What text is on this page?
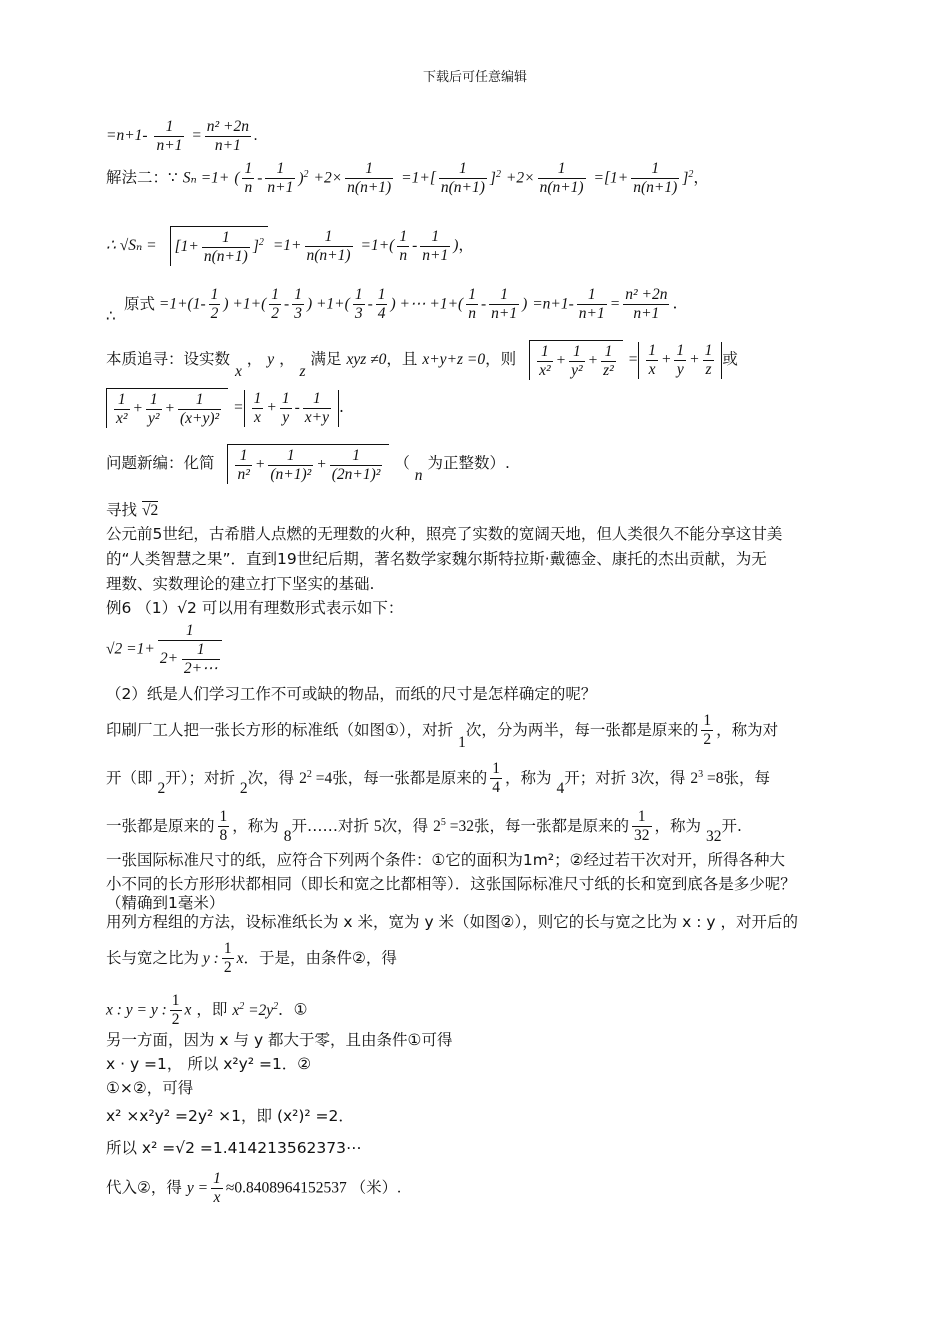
下载后可任意编辑
$=n+1- \frac{1}{n+1} = \frac{\text{n² +2n}}{n+1}$ .
解法二：∵ Sₙ =1+ ( $\frac{1}{n} - \frac{1}{n+1} )^2 +2\times \frac{1}{n(n+1)} =1+[ \frac{1}{n(n+1)} ]^2 +2\times \frac{1}{n(n+1)} =[1+ \frac{1}{n(n+1)} ]^2$，
∴ $√S_n = [1+ \frac{1}{n(n+1)} ]^2 =1+ \frac{1}{n(n+1)} =1+( \frac{1}{n} - \frac{1}{n+1}$ )，
∴
原式 $=1+(1- \frac{1}{2}$ ) $+1+( \frac{1}{2} - \frac{1}{3}$ ) $+1+( \frac{1}{3} - \frac{1}{4}$ ) +⋯ $+1+( \frac{1}{n} - \frac{1}{n+1}$ ) $=n+1- \frac{1}{n+1} = \frac{\text{n² +2n}}{n+1}$ .
本质追寻：设实数 x ， y ， z 满足 xyz ≠0，且 x+y+z =0，则 $\frac{1}{\text{x²}} + \frac{1}{\text{y²}} + \frac{1}{\text{z²}} = \frac{1}{x} + \frac{1}{y} + \frac{1}{z}$ 或
$\frac{1}{\text{x²}} + \frac{1}{\text{y²}} + \frac{1}{\text{(x+y)²}} = \frac{1}{x} + \frac{1}{y} - \frac{1}{x+y}$ .
问题新编：化简 $\frac{1}{\text{n²}} + \frac{1}{\text{(n+1)²}} + \frac{1}{\text{(2n+1)²}}$ （ n 为正整数）.
寻找 √2
公元前5世纪，古希腊人点燃的无理数的火种，照亮了实数的宽阔天地，但人类很久不能分享这甘美
的“人类智慧之果”．直到19世纪后期，著名数学家魏尔斯特拉斯·戴德金、康托的杰出贡献，为无
理数、实数理论的建立打下坚实的基础.
例6 （1）√2 可以用有理数形式表示如下：
$√2 =1+ \frac{1}{2+ \frac{1}{2+\cdots}}$
（2）纸是人们学习工作不可或缺的物品，而纸的尺寸是怎样确定的呢？
印刷厂工人把一张长方形的标准纸（如图①），对折 1次，分为两半，每一张都是原来的 $\frac{1}{2}$ ，称为对
开（即 2开）；对折 2次，得 $2^2 =4$张，每一张都是原来的 $\frac{1}{4}$ ，称为 4开；对折 3次，得 $2^3 =8$张，每
一张都是原来的 $\frac{1}{8}$ ，称为 8开……对折 5次，得 $2^5 =32$张，每一张都是原来的 $\frac{1}{32}$ ，称为 32开.
一张国际标准尺寸的纸，应符合下列两个条件：①它的面积为1m²；②经过若干次对开，所得各种大
小不同的长方形形状都相同（即长和宽之比都相等）．这张国际标准尺寸纸的长和宽到底各是多少呢？
（精确到1毫米）
用列方程组的方法，设标准纸长为 x 米，宽为 y 米（如图②），则它的长与宽之比为 x : y ，对开后的
长与宽之比为 y : $\frac{1}{2}$ x．于是，由条件②，得
x : y = y : $\frac{1}{2}$ x ，即 $x^2 =2y^2$．①
另一方面，因为 x 与 y 都大于零，且由条件①可得
x · y =1， 所以 x²y² =1．②
①×②，可得
x² ×x²y² =2y² ×1，即 (x²)² =2．
所以 x² =√2 =1.414213562373⋯
代入②，得 $y = \frac{1}{x} \approx 0.8408964152537$ （米）.
